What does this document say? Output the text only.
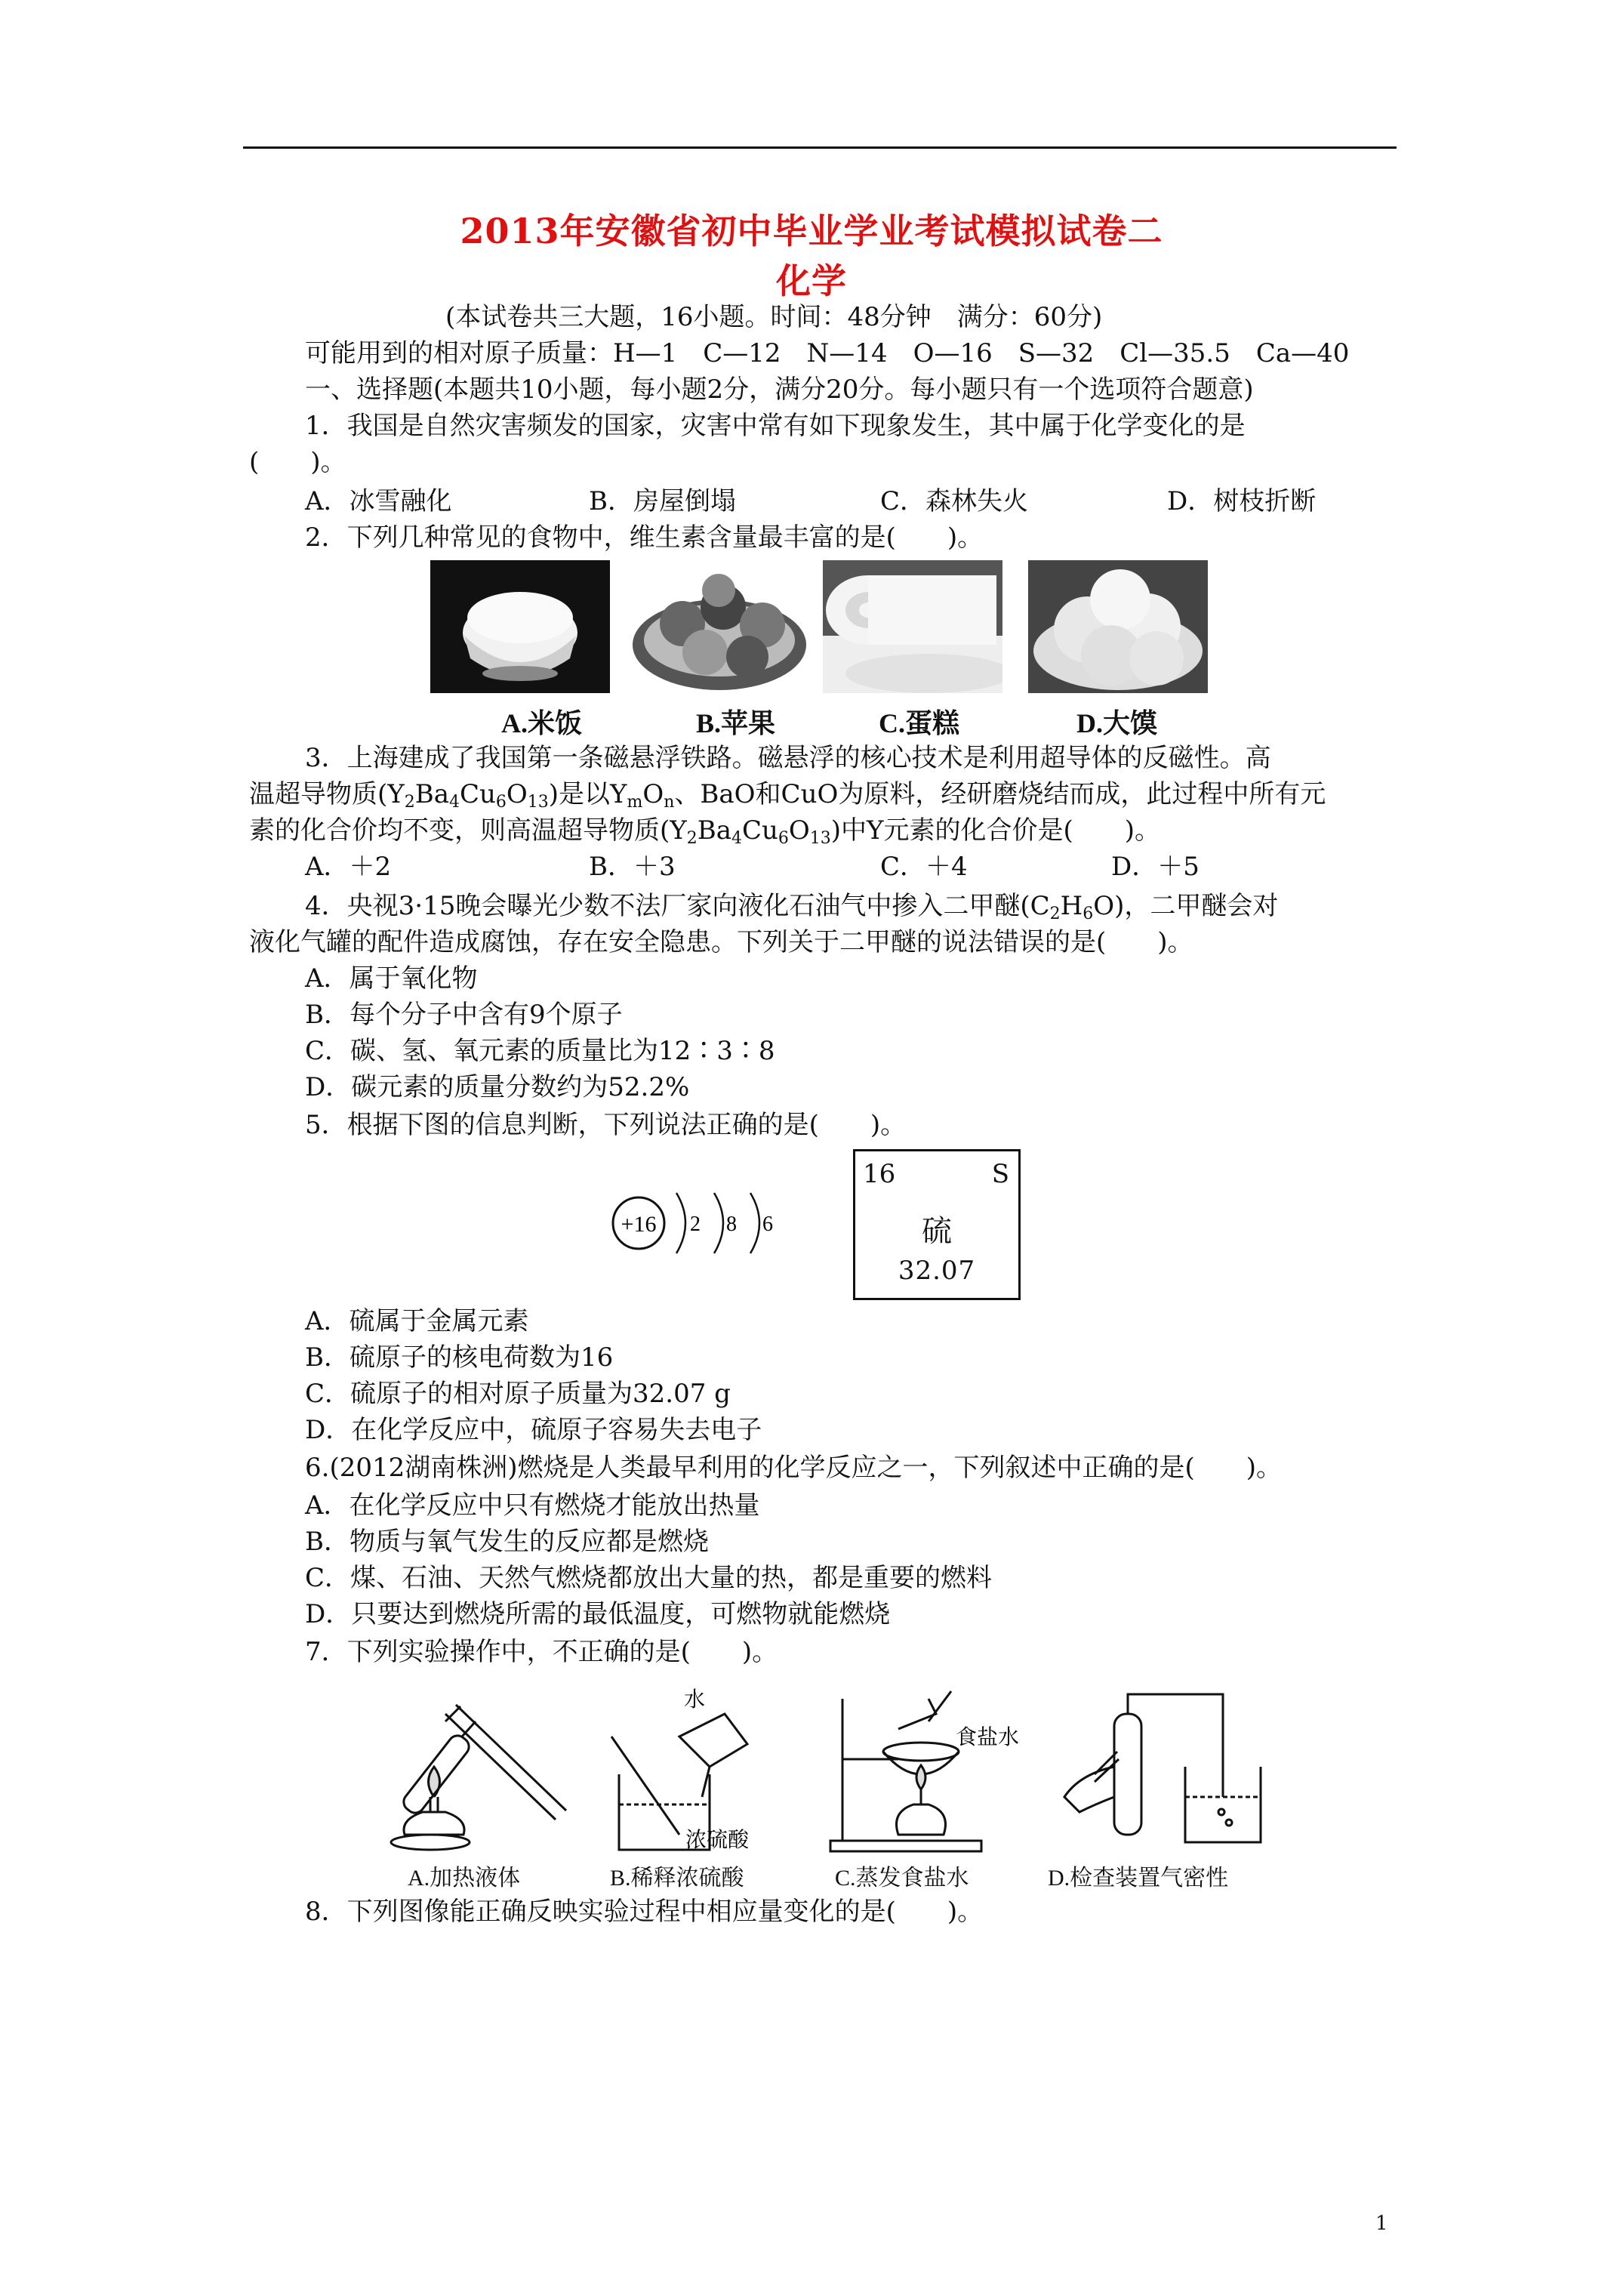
2013年安徽省初中毕业学业考试模拟试卷二
化学
(本试卷共三大题，16小题。时间：48分钟　满分：60分)
可能用到的相对原子质量：H—1　C—12　N—14　O—16　S—32　Cl—35.5　Ca—40
一、选择题(本题共10小题，每小题2分，满分20分。每小题只有一个选项符合题意)
1．我国是自然灾害频发的国家，灾害中常有如下现象发生，其中属于化学变化的是
(　　)。
A．冰雪融化	B．房屋倒塌	C．森林失火	D．树枝折断
2．下列几种常见的食物中，维生素含量最丰富的是(　　)。
A.米饭	B.苹果	C.蛋糕	D.大馍
3．上海建成了我国第一条磁悬浮铁路。磁悬浮的核心技术是利用超导体的反磁性。高
温超导物质$(Y_2Ba_4Cu_6O_{13})$是以$Y_mO_n$、BaO和CuO为原料，经研磨烧结而成，此过程中所有元
素的化合价均不变，则高温超导物质$(Y_2Ba_4Cu_6O_{13})$中Y元素的化合价是(　　)。
A．＋2	B．＋3	C．＋4	D．＋5
4．央视3·15晚会曝光少数不法厂家向液化石油气中掺入二甲醚$(C_2H_6O)$，二甲醚会对
液化气罐的配件造成腐蚀，存在安全隐患。下列关于二甲醚的说法错误的是(　　)。
A．属于氧化物
B．每个分子中含有9个原子
C．碳、氢、氧元素的质量比为12∶3∶8
D．碳元素的质量分数约为52.2%
5．根据下图的信息判断，下列说法正确的是(　　)。
+16 2 8 6
16	S
硫
32.07
A．硫属于金属元素
B．硫原子的核电荷数为16
C．硫原子的相对原子质量为32.07 g
D．在化学反应中，硫原子容易失去电子
6.(2012湖南株洲)燃烧是人类最早利用的化学反应之一，下列叙述中正确的是(　　)。
A．在化学反应中只有燃烧才能放出热量
B．物质与氧气发生的反应都是燃烧
C．煤、石油、天然气燃烧都放出大量的热，都是重要的燃料
D．只要达到燃烧所需的最低温度，可燃物就能燃烧
7．下列实验操作中，不正确的是(　　)。
水
浓硫酸
食盐水
A.加热液体	B.稀释浓硫酸	C.蒸发食盐水	D.检查装置气密性
8．下列图像能正确反映实验过程中相应量变化的是(　　)。
1
